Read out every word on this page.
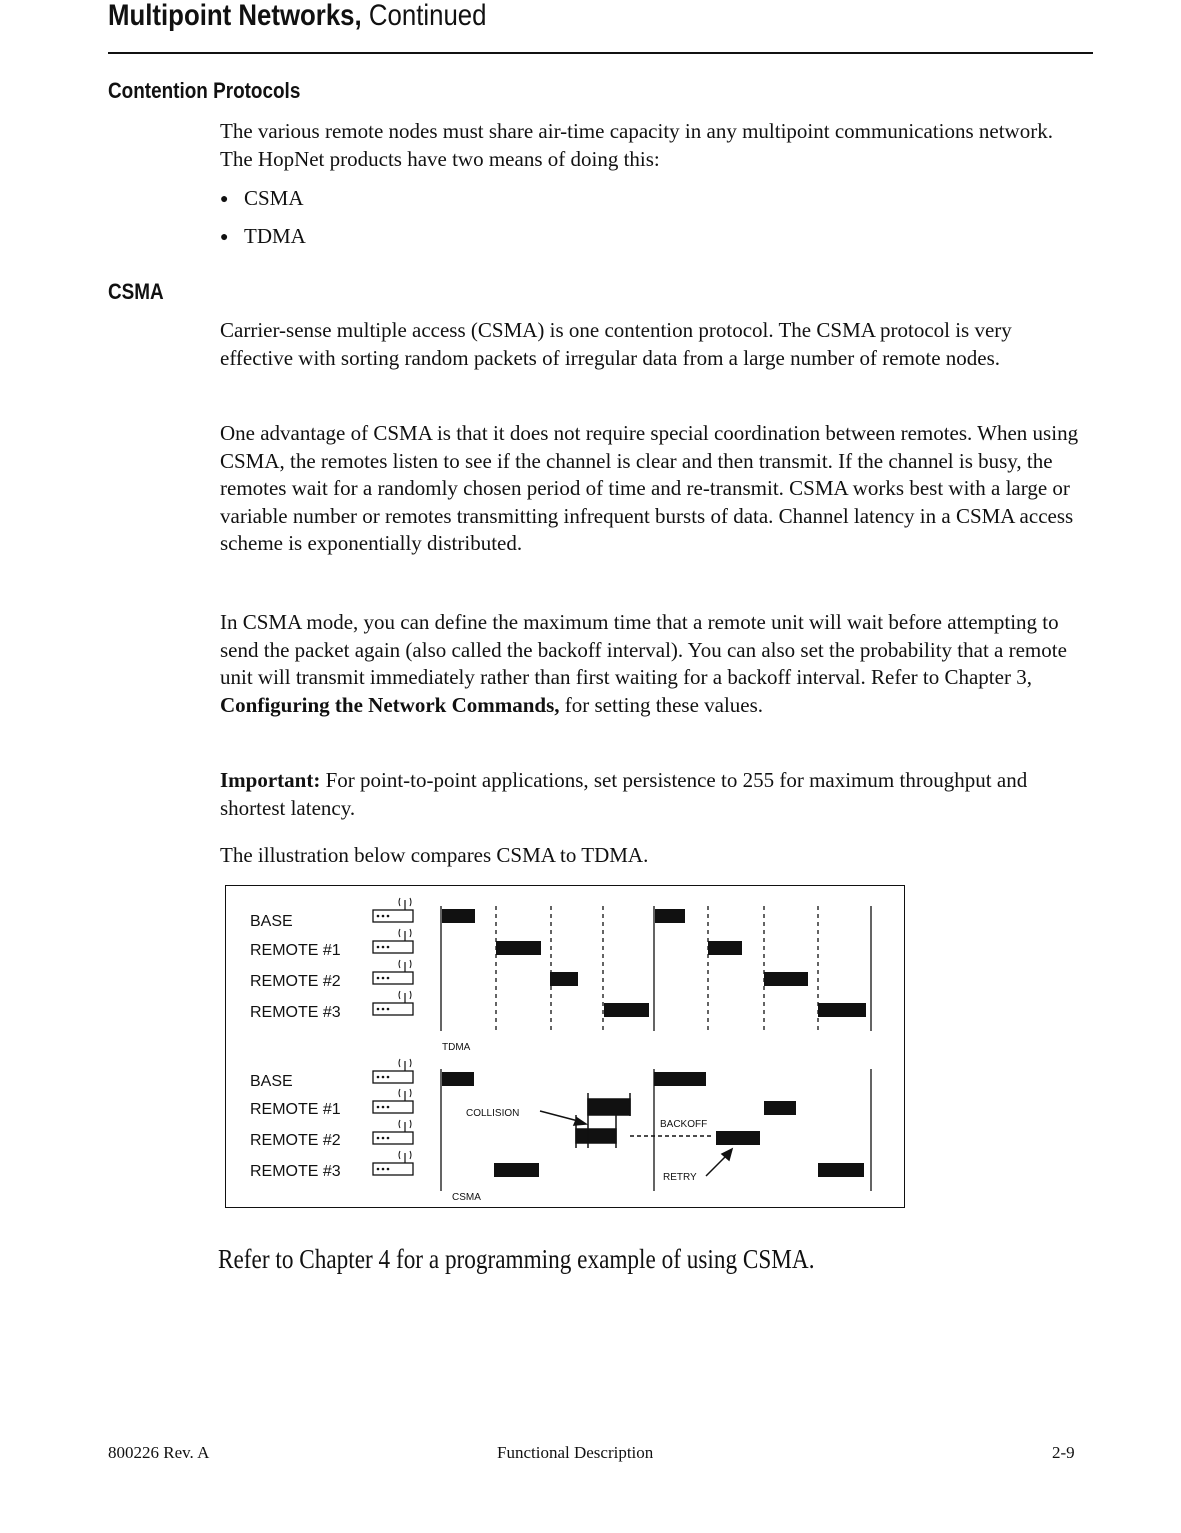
Multipoint Networks, Continued
Contention Protocols

The various remote nodes must share air-time capacity in any multipoint communications network. The HopNet products have two means of doing this:

● CSMA
● TDMA
CSMA

Carrier-sense multiple access (CSMA) is one contention protocol. The CSMA protocol is very effective with sorting random packets of irregular data from a large number of remote nodes.

One advantage of CSMA is that it does not require special coordination between remotes. When using CSMA, the remotes listen to see if the channel is clear and then transmit. If the channel is busy, the remotes wait for a randomly chosen period of time and re-transmit. CSMA works best with a large or variable number or remotes transmitting infrequent bursts of data. Channel latency in a CSMA access scheme is exponentially distributed.

In CSMA mode, you can define the maximum time that a remote unit will wait before attempting to send the packet again (also called the backoff interval). You can also set the probability that a remote unit will transmit immediately rather than first waiting for a backoff interval. Refer to Chapter 3, Configuring the Network Commands, for setting these values.

Important: For point-to-point applications, set persistence to 255 for maximum throughput and shortest latency.

The illustration below compares CSMA to TDMA.

BASE
REMOTE #1
REMOTE #2
REMOTE #3
TDMA
BASE
REMOTE #1
REMOTE #2
REMOTE #3
CSMA
COLLISION
BACKOFF
RETRY
Refer to Chapter 4 for a programming example of using CSMA.
800226 Rev. A	Functional Description	2-9
